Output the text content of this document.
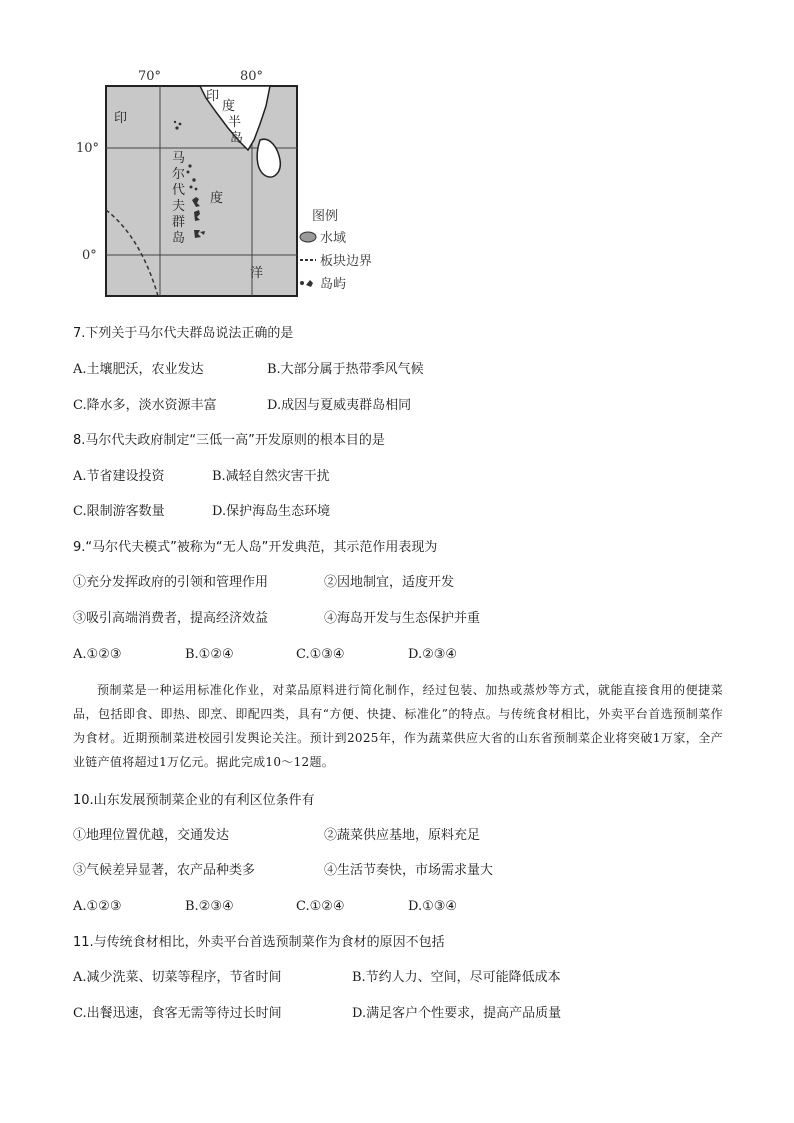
70°	80°
10°
0°
印
印
度
半
岛
马
尔
代
夫
群
岛
度
洋
图例
水域
板块边界
岛屿
7.下列关于马尔代夫群岛说法正确的是
A.土壤肥沃，农业发达	B.大部分属于热带季风气候
C.降水多，淡水资源丰富	D.成因与夏威夷群岛相同
8.马尔代夫政府制定“三低一高”开发原则的根本目的是
A.节省建设投资	B.减轻自然灾害干扰
C.限制游客数量	D.保护海岛生态环境
9.“马尔代夫模式”被称为“无人岛”开发典范，其示范作用表现为
①充分发挥政府的引领和管理作用	②因地制宜，适度开发
③吸引高端消费者，提高经济效益	④海岛开发与生态保护并重
A.①②③	B.①②④	C.①③④	D.②③④
预制菜是一种运用标准化作业，对菜品原料进行简化制作，经过包装、加热或蒸炒等方式，就能直接食用的便捷菜品，包括即食、即热、即烹、即配四类，具有“方便、快捷、标准化”的特点。与传统食材相比，外卖平台首选预制菜作为食材。近期预制菜进校园引发舆论关注。预计到2025年，作为蔬菜供应大省的山东省预制菜企业将突破1万家，全产业链产值将超过1万亿元。据此完成10～12题。
10.山东发展预制菜企业的有利区位条件有
①地理位置优越，交通发达	②蔬菜供应基地，原料充足
③气候差异显著，农产品种类多	④生活节奏快，市场需求量大
A.①②③	B.②③④	C.①②④	D.①③④
11.与传统食材相比，外卖平台首选预制菜作为食材的原因不包括
A.减少洗菜、切菜等程序，节省时间	B.节约人力、空间，尽可能降低成本
C.出餐迅速，食客无需等待过长时间	D.满足客户个性要求，提高产品质量
